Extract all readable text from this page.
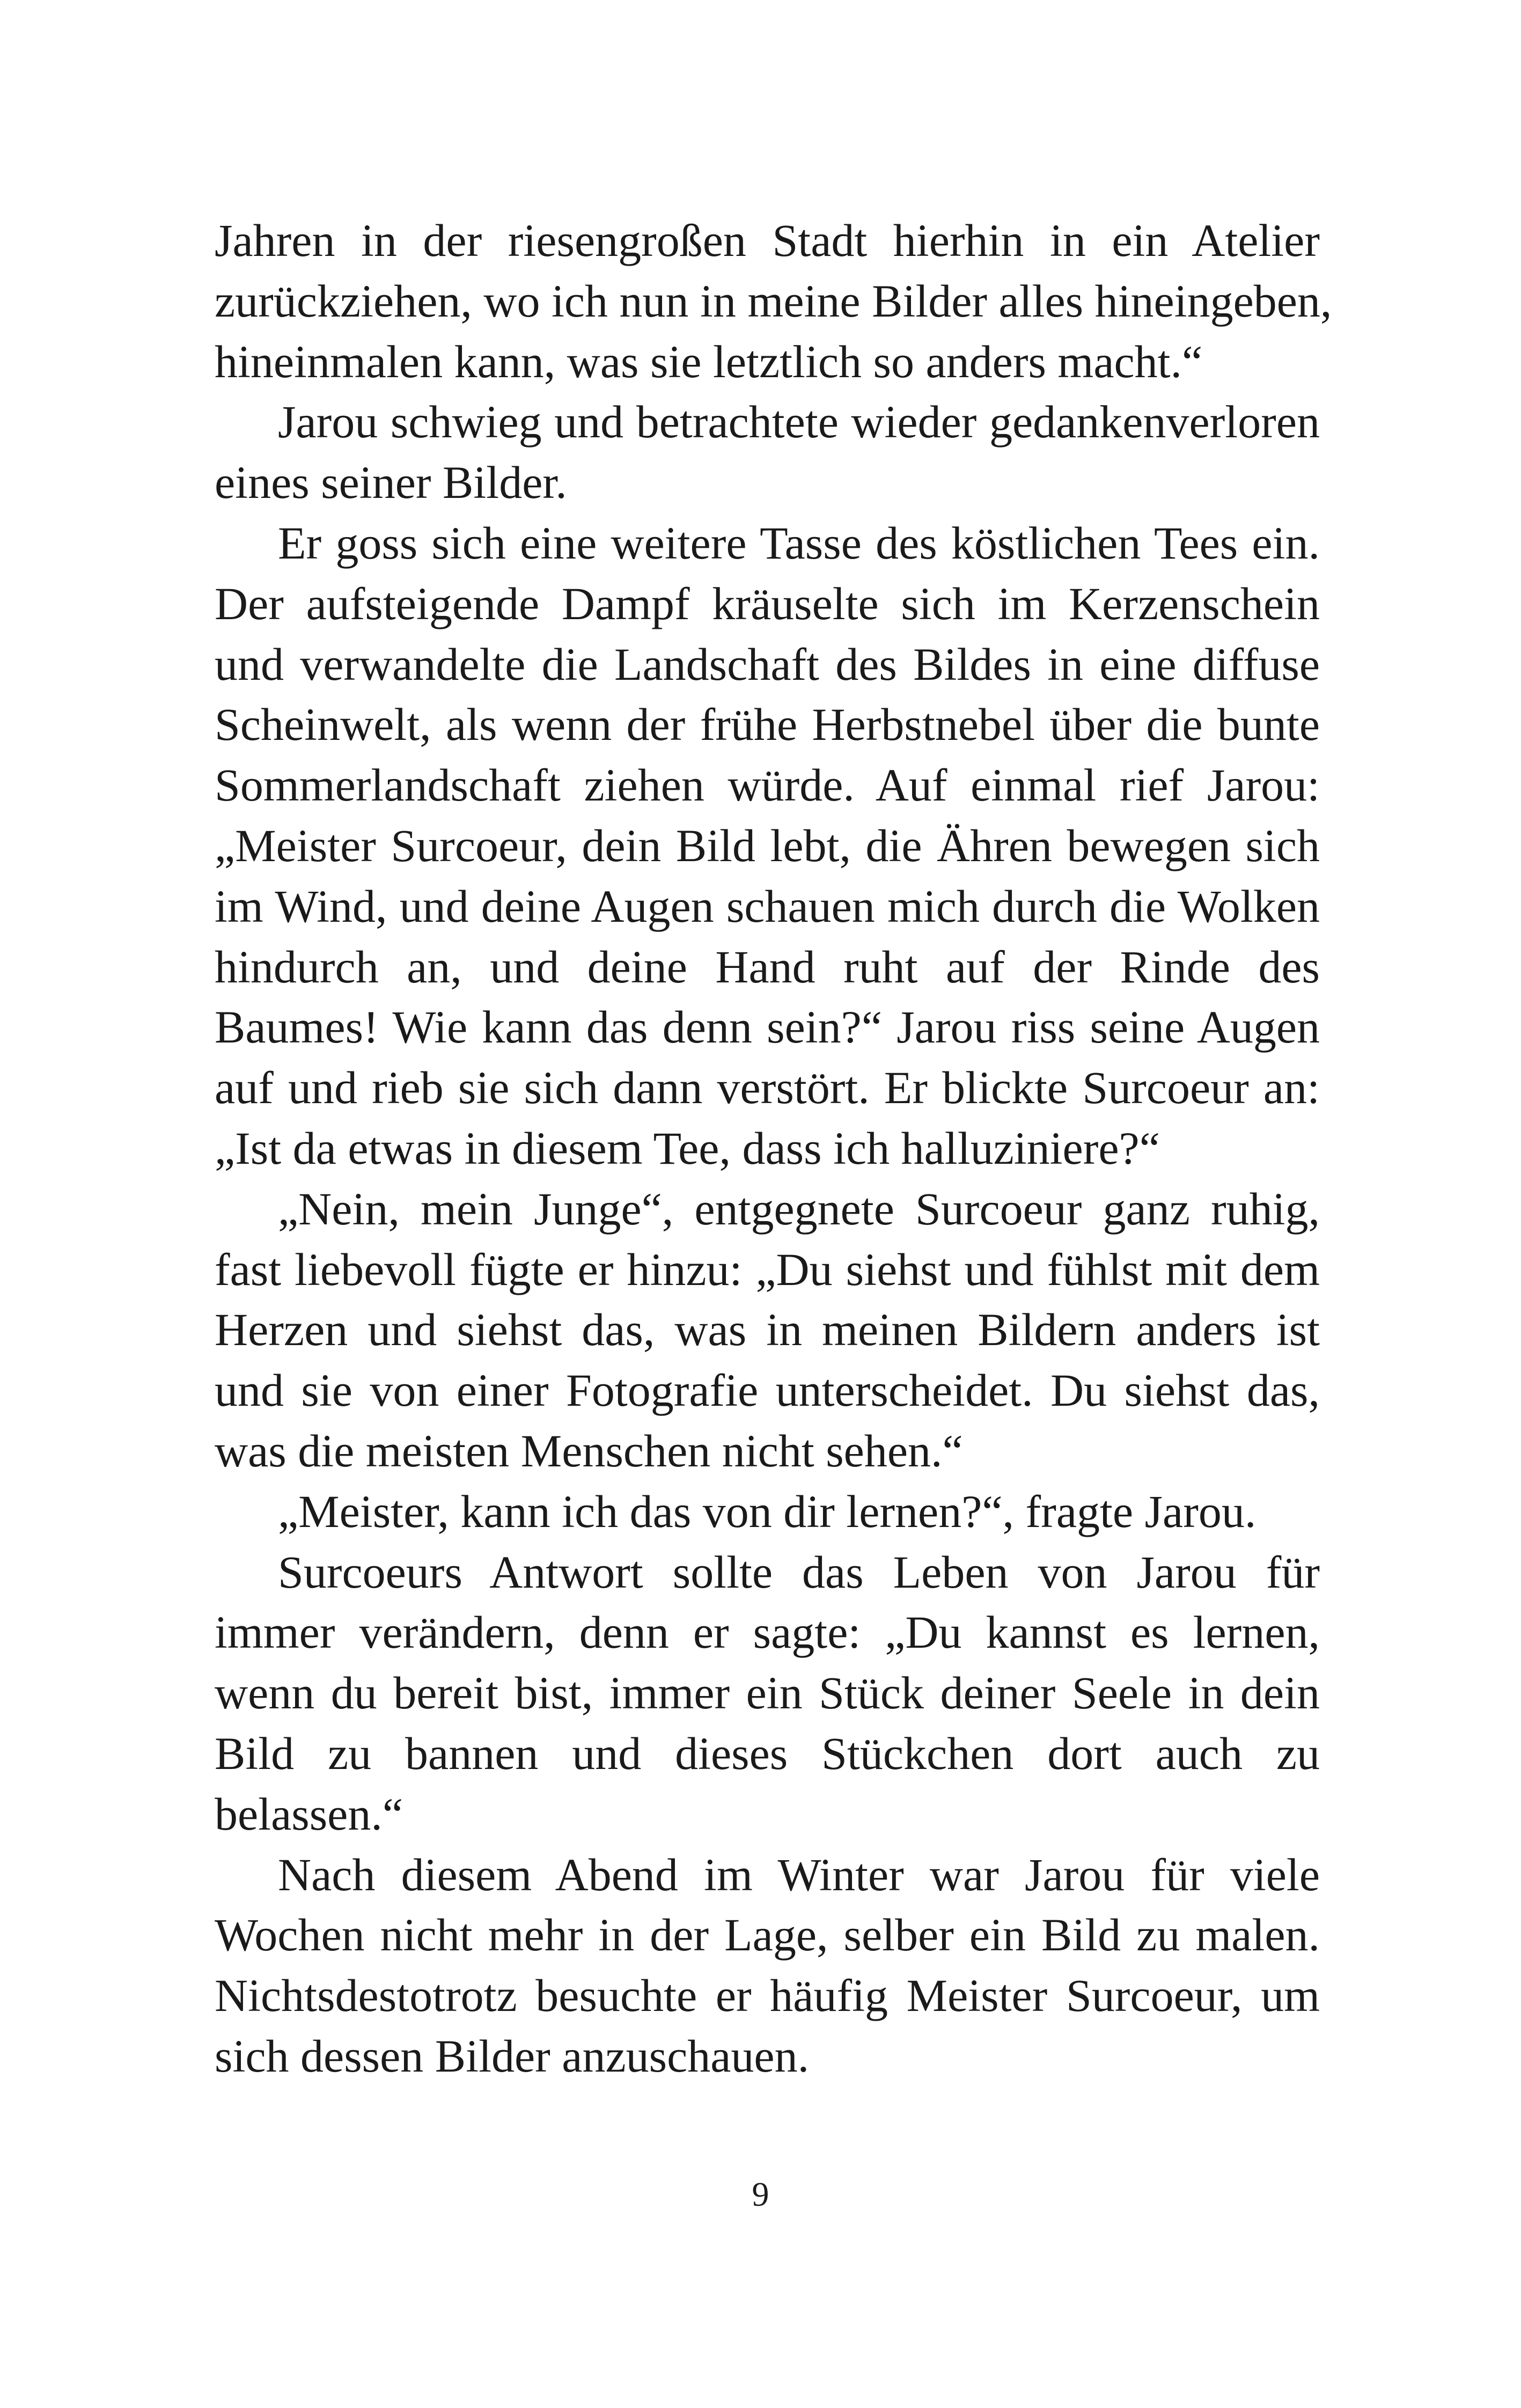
Jahren in der riesengroßen Stadt hierhin in ein Atelier
zurückziehen, wo ich nun in meine Bilder alles hineingeben,
hineinmalen kann, was sie letztlich so anders macht.“
Jarou schwieg und betrachtete wieder gedankenverloren
eines seiner Bilder.
Er goss sich eine weitere Tasse des köstlichen Tees ein.
Der aufsteigende Dampf kräuselte sich im Kerzenschein
und verwandelte die Landschaft des Bildes in eine diffuse
Scheinwelt, als wenn der frühe Herbstnebel über die bunte
Sommerlandschaft ziehen würde. Auf einmal rief Jarou:
„Meister Surcoeur, dein Bild lebt, die Ähren bewegen sich
im Wind, und deine Augen schauen mich durch die Wolken
hindurch an, und deine Hand ruht auf der Rinde des
Baumes! Wie kann das denn sein?“ Jarou riss seine Augen
auf und rieb sie sich dann verstört. Er blickte Surcoeur an:
„Ist da etwas in diesem Tee, dass ich halluziniere?“
„Nein, mein Junge“, entgegnete Surcoeur ganz ruhig,
fast liebevoll fügte er hinzu: „Du siehst und fühlst mit dem
Herzen und siehst das, was in meinen Bildern anders ist
und sie von einer Fotografie unterscheidet. Du siehst das,
was die meisten Menschen nicht sehen.“
„Meister, kann ich das von dir lernen?“, fragte Jarou.
Surcoeurs Antwort sollte das Leben von Jarou für
immer verändern, denn er sagte: „Du kannst es lernen,
wenn du bereit bist, immer ein Stück deiner Seele in dein
Bild zu bannen und dieses Stückchen dort auch zu
belassen.“
Nach diesem Abend im Winter war Jarou für viele
Wochen nicht mehr in der Lage, selber ein Bild zu malen.
Nichtsdestotrotz besuchte er häufig Meister Surcoeur, um
sich dessen Bilder anzuschauen.
9
